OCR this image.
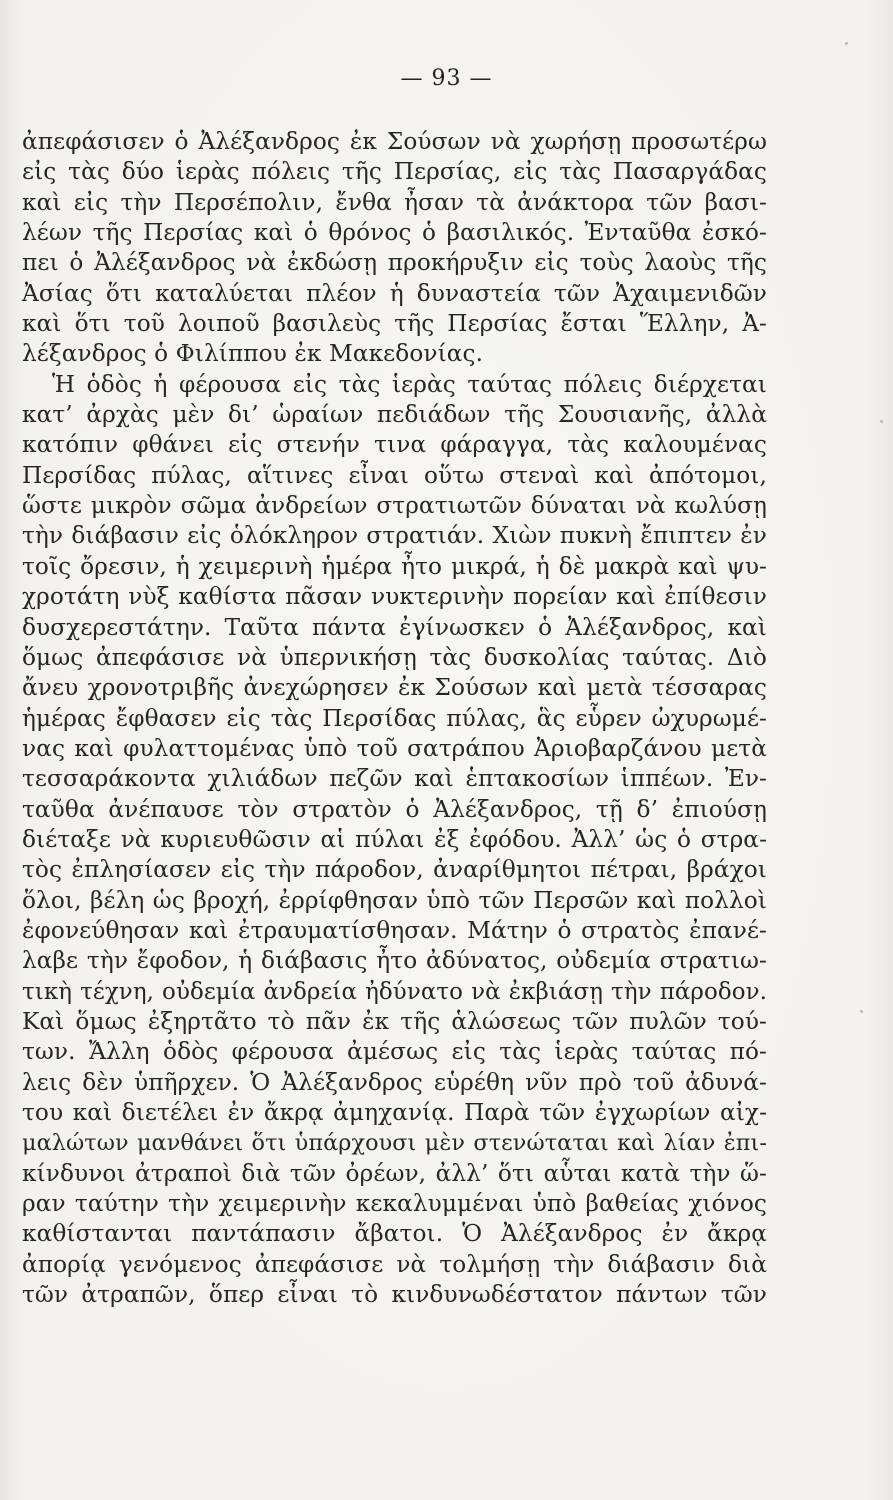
— 93 —
ἀπεφάσισεν ὁ Ἀλέξανδρος ἐκ Σούσων νὰ χωρήσῃ προσωτέρω
εἰς τὰς δύο ἱερὰς πόλεις τῆς Περσίας, εἰς τὰς Πασαργάδας
καὶ εἰς τὴν Περσέπολιν, ἔνθα ἦσαν τὰ ἀνάκτορα τῶν βασι-
λέων τῆς Περσίας καὶ ὁ θρόνος ὁ βασιλικός. Ἐνταῦθα ἐσκό-
πει ὁ Ἀλέξανδρος νὰ ἐκδώσῃ προκήρυξιν εἰς τοὺς λαοὺς τῆς
Ἀσίας ὅτι καταλύεται πλέον ἡ δυναστεία τῶν Ἀχαιμενιδῶν
καὶ ὅτι τοῦ λοιποῦ βασιλεὺς τῆς Περσίας ἔσται Ἕλλην, Ἀ-
λέξανδρος ὁ Φιλίππου ἐκ Μακεδονίας.
Ἡ ὁδὸς ἡ φέρουσα εἰς τὰς ἱερὰς ταύτας πόλεις διέρχεται
κατ’ ἀρχὰς μὲν δι’ ὡραίων πεδιάδων τῆς Σουσιανῆς, ἀλλὰ
κατόπιν φθάνει εἰς στενήν τινα φάραγγα, τὰς καλουμένας
Περσίδας πύλας, αἵτινες εἶναι οὕτω στεναὶ καὶ ἀπότομοι,
ὥστε μικρὸν σῶμα ἀνδρείων στρατιωτῶν δύναται νὰ κωλύσῃ
τὴν διάβασιν εἰς ὁλόκληρον στρατιάν. Χιὼν πυκνὴ ἔπιπτεν ἐν
τοῖς ὄρεσιν, ἡ χειμερινὴ ἡμέρα ἦτο μικρά, ἡ δὲ μακρὰ καὶ ψυ-
χροτάτη νὺξ καθίστα πᾶσαν νυκτερινὴν πορείαν καὶ ἐπίθεσιν
δυσχερεστάτην. Ταῦτα πάντα ἐγίνωσκεν ὁ Ἀλέξανδρος, καὶ
ὅμως ἀπεφάσισε νὰ ὑπερνικήσῃ τὰς δυσκολίας ταύτας. Διὸ
ἄνευ χρονοτριβῆς ἀνεχώρησεν ἐκ Σούσων καὶ μετὰ τέσσαρας
ἡμέρας ἔφθασεν εἰς τὰς Περσίδας πύλας, ἃς εὗρεν ὠχυρωμέ-
νας καὶ φυλαττομένας ὑπὸ τοῦ σατράπου Ἀριοβαρζάνου μετὰ
τεσσαράκοντα χιλιάδων πεζῶν καὶ ἑπτακοσίων ἱππέων. Ἐν-
ταῦθα ἀνέπαυσε τὸν στρατὸν ὁ Ἀλέξανδρος, τῇ δ’ ἐπιούσῃ
διέταξε νὰ κυριευθῶσιν αἱ πύλαι ἐξ ἐφόδου. Ἀλλ’ ὡς ὁ στρα-
τὸς ἐπλησίασεν εἰς τὴν πάροδον, ἀναρίθμητοι πέτραι, βράχοι
ὅλοι, βέλη ὡς βροχή, ἐρρίφθησαν ὑπὸ τῶν Περσῶν καὶ πολλοὶ
ἐφονεύθησαν καὶ ἐτραυματίσθησαν. Μάτην ὁ στρατὸς ἐπανέ-
λαβε τὴν ἔφοδον, ἡ διάβασις ἦτο ἀδύνατος, οὐδεμία στρατιω-
τικὴ τέχνη, οὐδεμία ἀνδρεία ἠδύνατο νὰ ἐκβιάσῃ τὴν πάροδον.
Καὶ ὅμως ἐξηρτᾶτο τὸ πᾶν ἐκ τῆς ἁλώσεως τῶν πυλῶν τού-
των. Ἄλλη ὁδὸς φέρουσα ἀμέσως εἰς τὰς ἱερὰς ταύτας πό-
λεις δὲν ὑπῆρχεν. Ὁ Ἀλέξανδρος εὑρέθη νῦν πρὸ τοῦ ἀδυνά-
του καὶ διετέλει ἐν ἄκρᾳ ἀμηχανίᾳ. Παρὰ τῶν ἐγχωρίων αἰχ-
μαλώτων μανθάνει ὅτι ὑπάρχουσι μὲν στενώταται καὶ λίαν ἐπι-
κίνδυνοι ἀτραποὶ διὰ τῶν ὀρέων, ἀλλ’ ὅτι αὗται κατὰ τὴν ὥ-
ραν ταύτην τὴν χειμερινὴν κεκαλυμμέναι ὑπὸ βαθείας χιόνος
καθίστανται παντάπασιν ἄβατοι. Ὁ Ἀλέξανδρος ἐν ἄκρᾳ
ἀπορίᾳ γενόμενος ἀπεφάσισε νὰ τολμήσῃ τὴν διάβασιν διὰ
τῶν ἀτραπῶν, ὅπερ εἶναι τὸ κινδυνωδέστατον πάντων τῶν
